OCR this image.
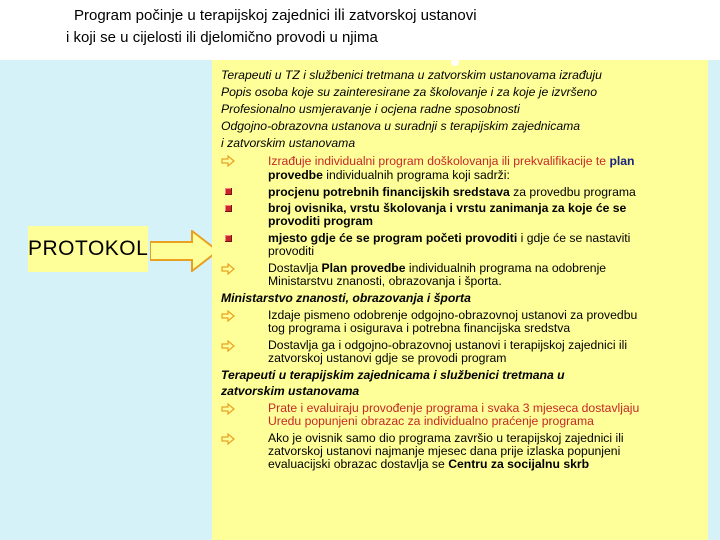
Program počinje u terapijskoj zajednici ili zatvorskoj ustanovi
i koji se u cijelosti ili djelomično provodi u njima
PROTOKOL
Terapeuti u TZ i službenici tretmana u zatvorskim ustanovama izrađuju
Popis osoba koje su zainteresirane za školovanje i za koje je izvršeno
Profesionalno usmjeravanje i ocjena radne sposobnosti
Odgojno-obrazovna ustanova u suradnji s terapijskim zajednicama
i zatvorskim ustanovama
Izrađuje individualni program doškolovanja ili prekvalifikacije te plan
provedbe individualnih programa koji sadrži:
procjenu potrebnih financijskih sredstava za provedbu programa
broj ovisnika, vrstu školovanja i vrstu zanimanja za koje će se
provoditi program
mjesto gdje će se program početi provoditi i gdje će se nastaviti
provoditi
Dostavlja Plan provedbe individualnih programa na odobrenje
Ministarstvu znanosti, obrazovanja i športa.
Ministarstvo znanosti, obrazovanja i športa
Izdaje pismeno odobrenje odgojno-obrazovnoj ustanovi za provedbu
tog programa i osigurava i potrebna financijska sredstva
Dostavlja ga i odgojno-obrazovnoj ustanovi i terapijskoj zajednici ili
zatvorskoj ustanovi gdje se provodi program
Terapeuti u terapijskim zajednicama i službenici tretmana u
zatvorskim ustanovama
Prate i evaluiraju provođenje programa i svaka 3 mjeseca dostavljaju
Uredu popunjeni obrazac za individualno praćenje programa
Ako je ovisnik samo dio programa završio u terapijskoj zajednici ili
zatvorskoj ustanovi najmanje mjesec dana prije izlaska popunjeni
evaluacijski obrazac dostavlja se Centru za socijalnu skrb
